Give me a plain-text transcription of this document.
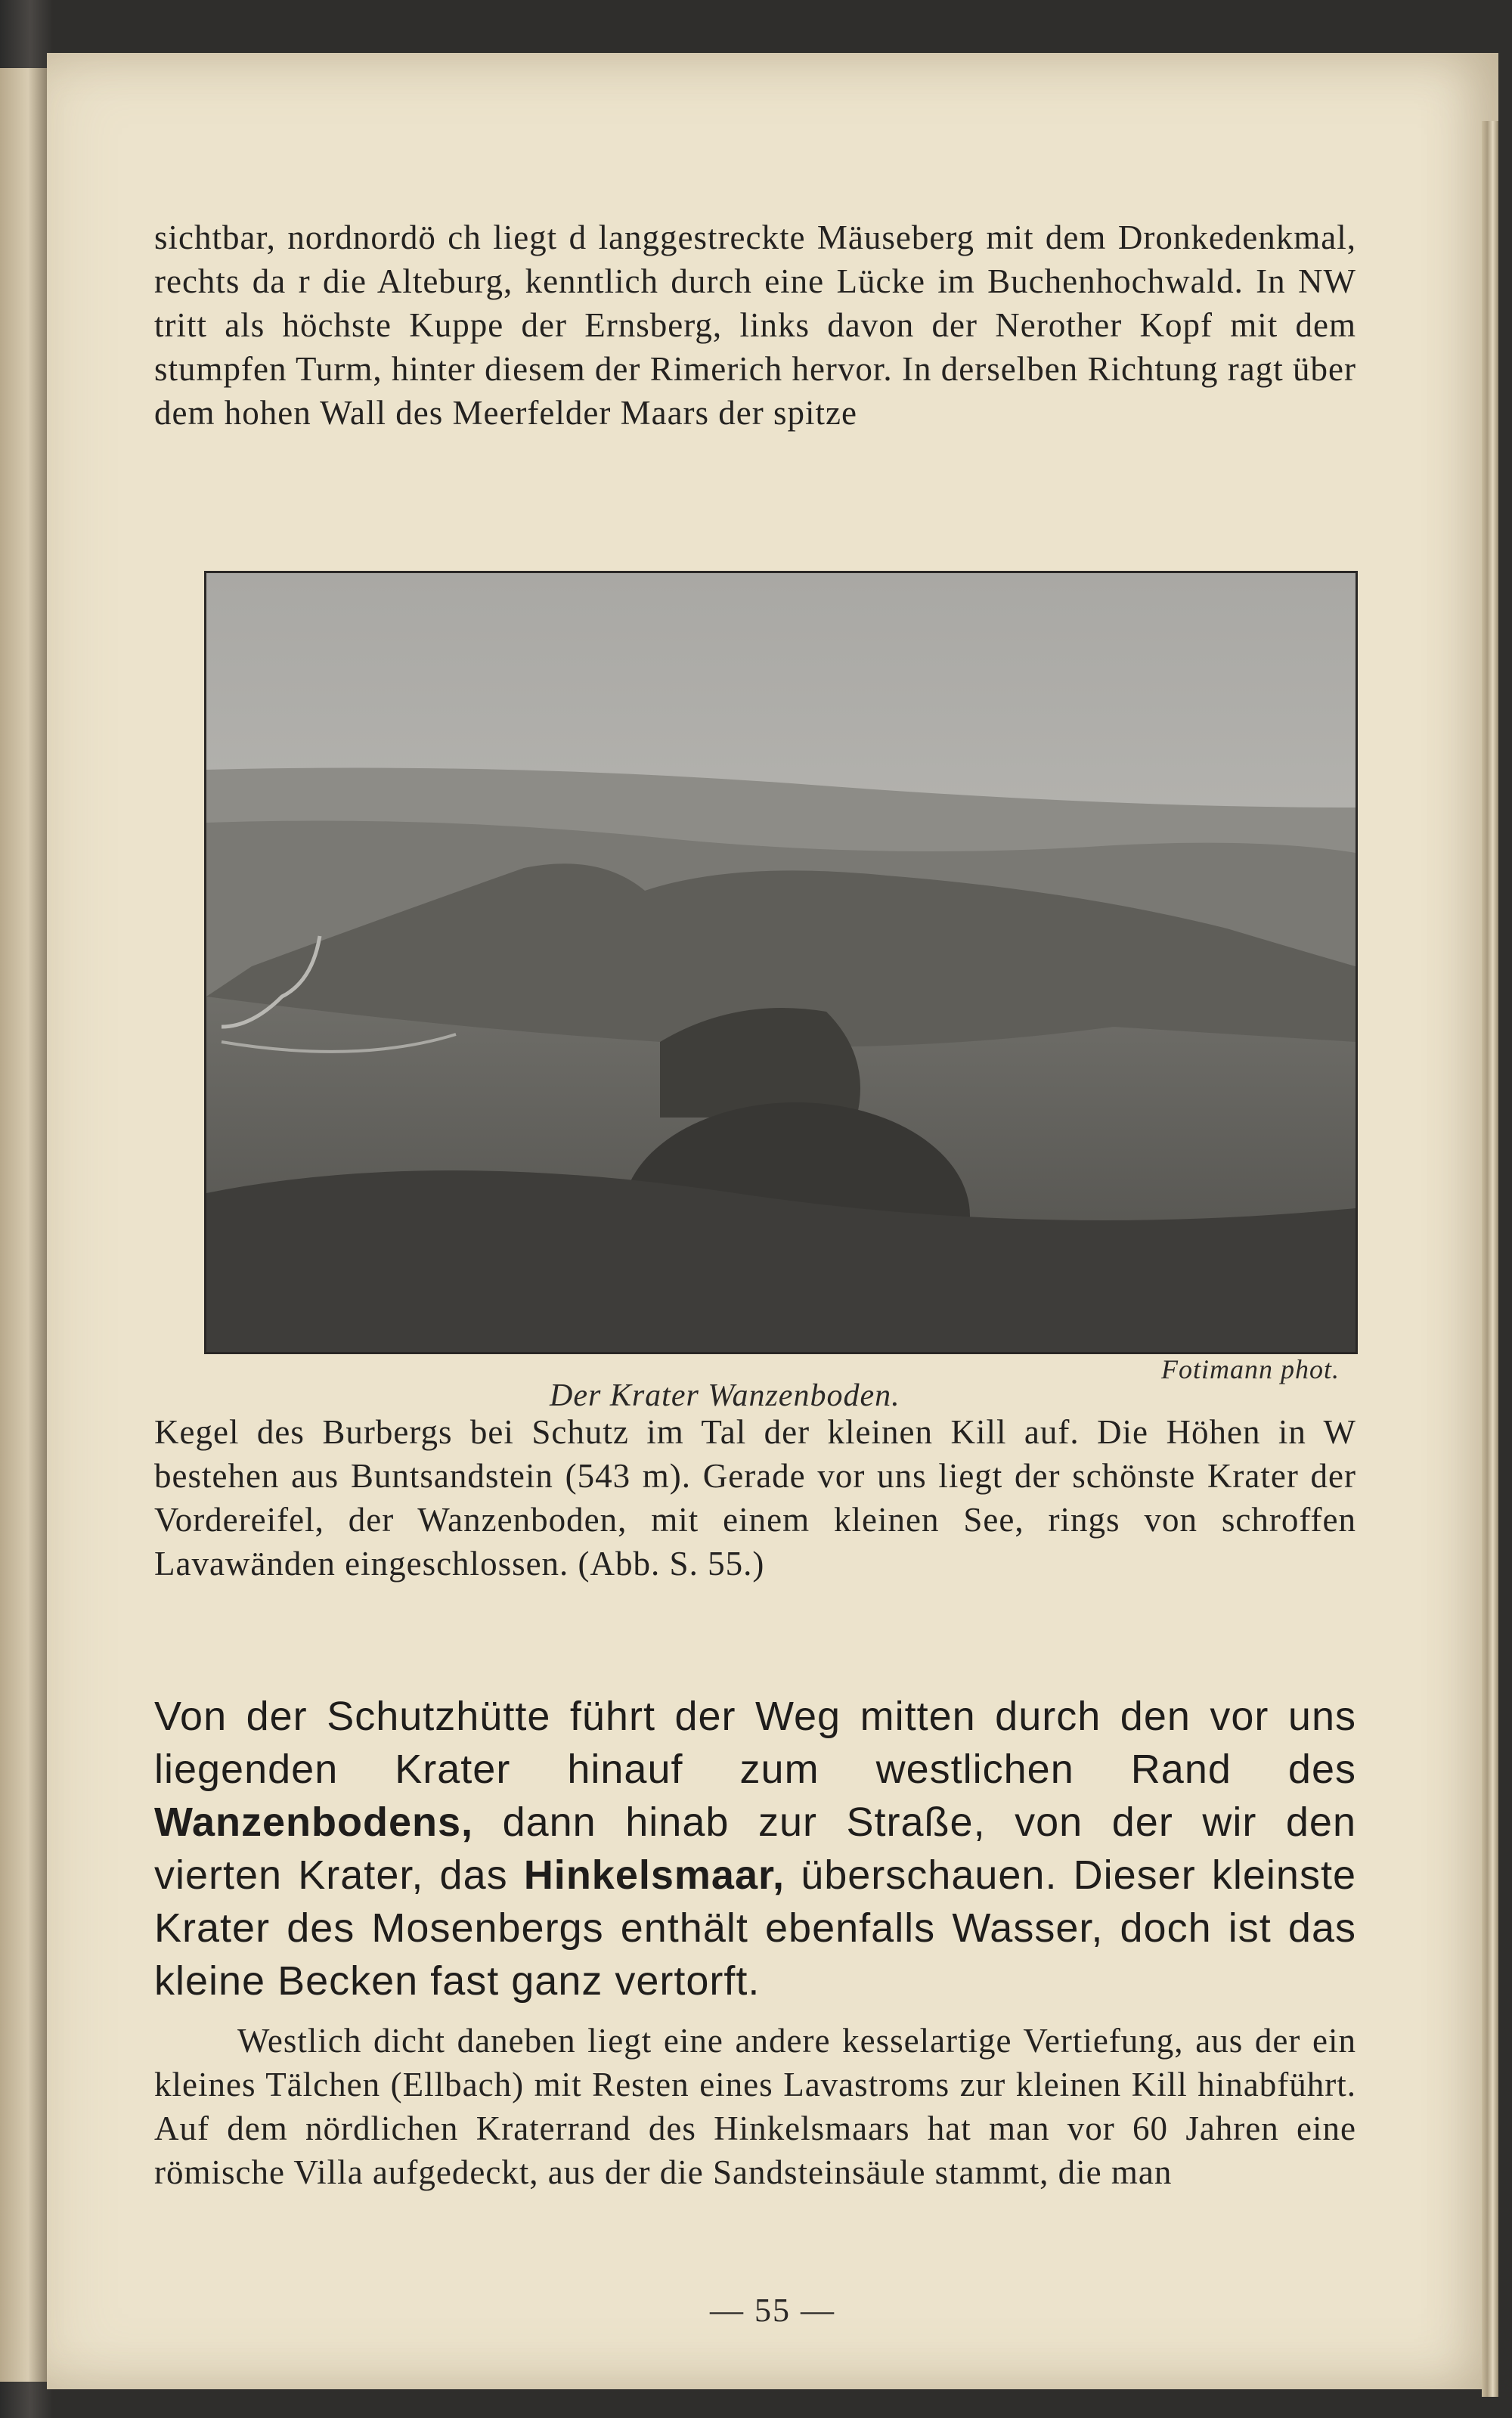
sichtbar, nordnordö ch liegt d langgestreckte Mäuseberg mit dem Dronkedenkmal, rechts da r die Alteburg, kenntlich durch eine Lücke im Buchenhochwald. In NW tritt als höchste Kuppe der Ernsberg, links davon der Nerother Kopf mit dem stumpfen Turm, hinter diesem der Rimerich hervor. In derselben Richtung ragt über dem hohen Wall des Meerfelder Maars der spitze

Fotimann phot.
Der Krater Wanzenboden.

Kegel des Burbergs bei Schutz im Tal der kleinen Kill auf. Die Höhen in W bestehen aus Buntsandstein (543 m). Gerade vor uns liegt der schönste Krater der Vordereifel, der Wanzenboden, mit einem kleinen See, rings von schroffen Lavawänden eingeschlossen. (Abb. S. 55.)

Von der Schutzhütte führt der Weg mitten durch den vor uns liegenden Krater hinauf zum westlichen Rand des Wanzenbodens, dann hinab zur Straße, von der wir den vierten Krater, das Hinkelsmaar, überschauen. Dieser kleinste Krater des Mosenbergs enthält ebenfalls Wasser, doch ist das kleine Becken fast ganz vertorft.

Westlich dicht daneben liegt eine andere kesselartige Vertiefung, aus der ein kleines Tälchen (Ellbach) mit Resten eines Lavastroms zur kleinen Kill hinabführt. Auf dem nördlichen Kraterrand des Hinkelsmaars hat man vor 60 Jahren eine römische Villa aufgedeckt, aus der die Sandsteinsäule stammt, die man

— 55 —
